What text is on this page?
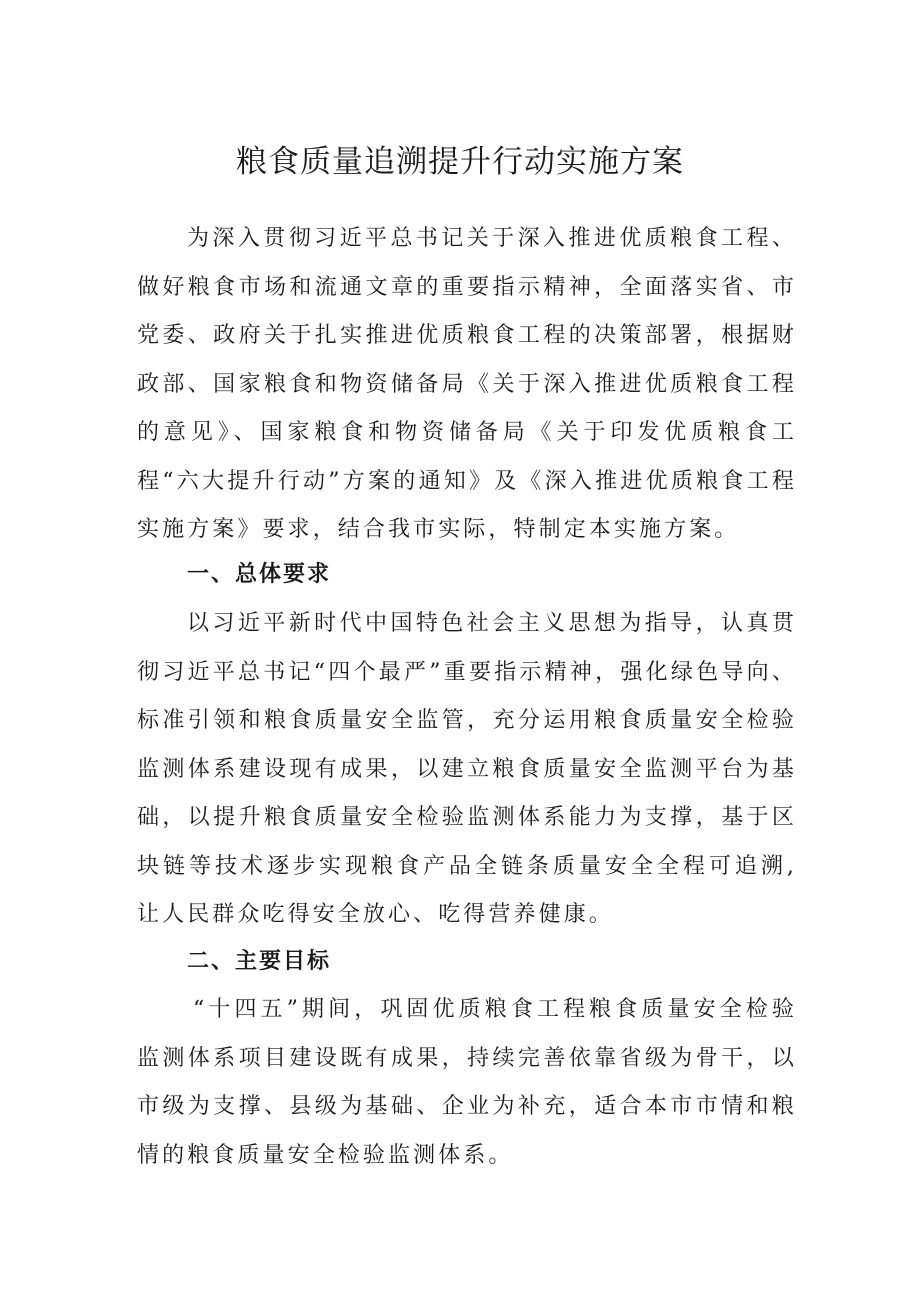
粮食质量追溯提升行动实施方案

为深入贯彻习近平总书记关于深入推进优质粮食工程、做好粮食市场和流通文章的重要指示精神，全面落实省、市党委、政府关于扎实推进优质粮食工程的决策部署，根据财政部、国家粮食和物资储备局《关于深入推进优质粮食工程的意见》、国家粮食和物资储备局《关于印发优质粮食工程“六大提升行动”方案的通知》及《深入推进优质粮食工程实施方案》要求，结合我市实际，特制定本实施方案。

一、总体要求

以习近平新时代中国特色社会主义思想为指导，认真贯彻习近平总书记“四个最严”重要指示精神，强化绿色导向、标准引领和粮食质量安全监管，充分运用粮食质量安全检验监测体系建设现有成果，以建立粮食质量安全监测平台为基础，以提升粮食质量安全检验监测体系能力为支撑，基于区块链等技术逐步实现粮食产品全链条质量安全全程可追溯,让人民群众吃得安全放心、吃得营养健康。

二、主要目标

“十四五”期间，巩固优质粮食工程粮食质量安全检验监测体系项目建设既有成果，持续完善依靠省级为骨干，以市级为支撑、县级为基础、企业为补充，适合本市市情和粮情的粮食质量安全检验监测体系。
